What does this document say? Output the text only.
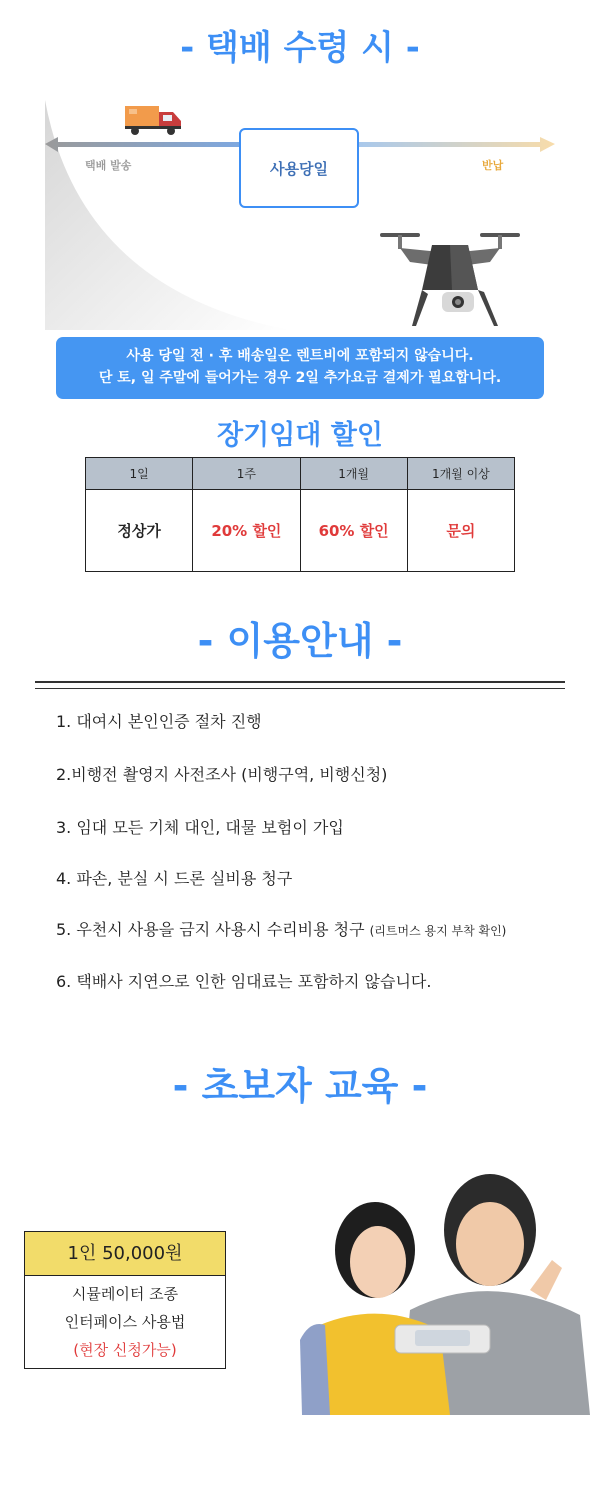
- 택배 수령 시 -
택배 발송	사용당일	반납
사용 당일 전 · 후 배송일은 렌트비에 포함되지 않습니다.
단 토, 일 주말에 들어가는 경우 2일 추가요금 결제가 필요합니다.
장기임대 할인
1일	1주	1개월	1개월 이상
정상가	20% 할인	60% 할인	문의
- 이용안내 -
1. 대여시 본인인증 절차 진행
2.비행전 촬영지 사전조사 (비행구역, 비행신청)
3. 임대 모든 기체 대인, 대물 보험이 가입
4. 파손, 분실 시 드론 실비용 청구
5. 우천시 사용을 금지 사용시 수리비용 청구 (리트머스 용지 부착 확인)
6. 택배사 지연으로 인한 임대료는 포함하지 않습니다.
- 초보자 교육 -
1인 50,000원
시뮬레이터 조종
인터페이스 사용법
(현장 신청가능)
